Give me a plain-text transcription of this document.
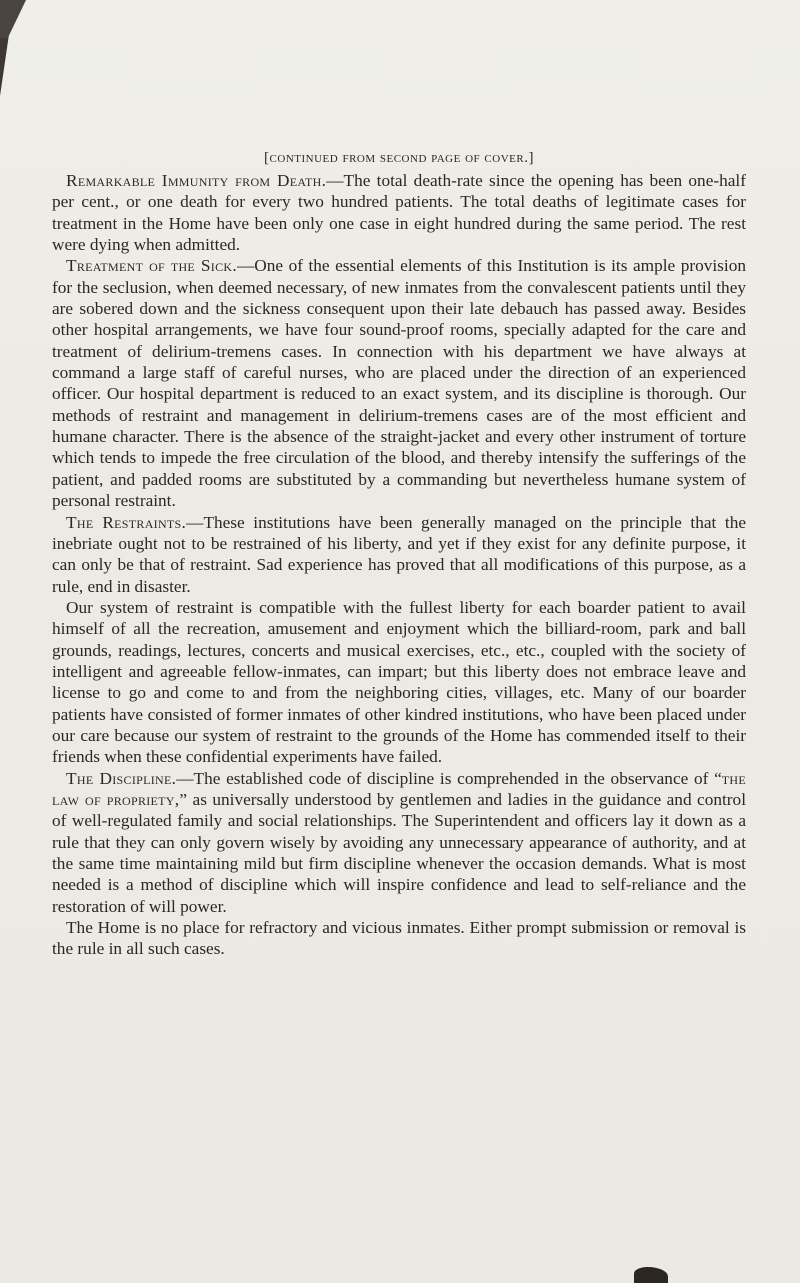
[continued from second page of cover.]

Remarkable Immunity from Death.—The total death-rate since the opening has been one-half per cent., or one death for every two hundred patients. The total deaths of legitimate cases for treatment in the Home have been only one case in eight hundred during the same period. The rest were dying when admitted.

Treatment of the Sick.—One of the essential elements of this Institution is its ample provision for the seclusion, when deemed necessary, of new inmates from the convalescent patients until they are sobered down and the sickness consequent upon their late debauch has passed away. Besides other hospital arrangements, we have four sound-proof rooms, specially adapted for the care and treatment of delirium-tremens cases. In connection with his department we have always at command a large staff of careful nurses, who are placed under the direction of an experienced officer. Our hospital department is reduced to an exact system, and its discipline is thorough. Our methods of restraint and management in delirium-tremens cases are of the most efficient and humane character. There is the absence of the straight-jacket and every other instrument of torture which tends to impede the free circulation of the blood, and thereby intensify the sufferings of the patient, and padded rooms are substituted by a commanding but nevertheless humane system of personal restraint.

The Restraints.—These institutions have been generally managed on the principle that the inebriate ought not to be restrained of his liberty, and yet if they exist for any definite purpose, it can only be that of restraint. Sad experience has proved that all modifications of this purpose, as a rule, end in disaster.

Our system of restraint is compatible with the fullest liberty for each boarder patient to avail himself of all the recreation, amusement and enjoyment which the billiard-room, park and ball grounds, readings, lectures, concerts and musical exercises, etc., etc., coupled with the society of intelligent and agreeable fellow-inmates, can impart; but this liberty does not embrace leave and license to go and come to and from the neighboring cities, villages, etc. Many of our boarder patients have consisted of former inmates of other kindred institutions, who have been placed under our care because our system of restraint to the grounds of the Home has commended itself to their friends when these confidential experiments have failed.

The Discipline.—The established code of discipline is comprehended in the observance of “the law of propriety,” as universally understood by gentlemen and ladies in the guidance and control of well-regulated family and social relationships. The Superintendent and officers lay it down as a rule that they can only govern wisely by avoiding any unnecessary appearance of authority, and at the same time maintaining mild but firm discipline whenever the occasion demands. What is most needed is a method of discipline which will inspire confidence and lead to self-reliance and the restoration of will power.

The Home is no place for refractory and vicious inmates. Either prompt submission or removal is the rule in all such cases.
